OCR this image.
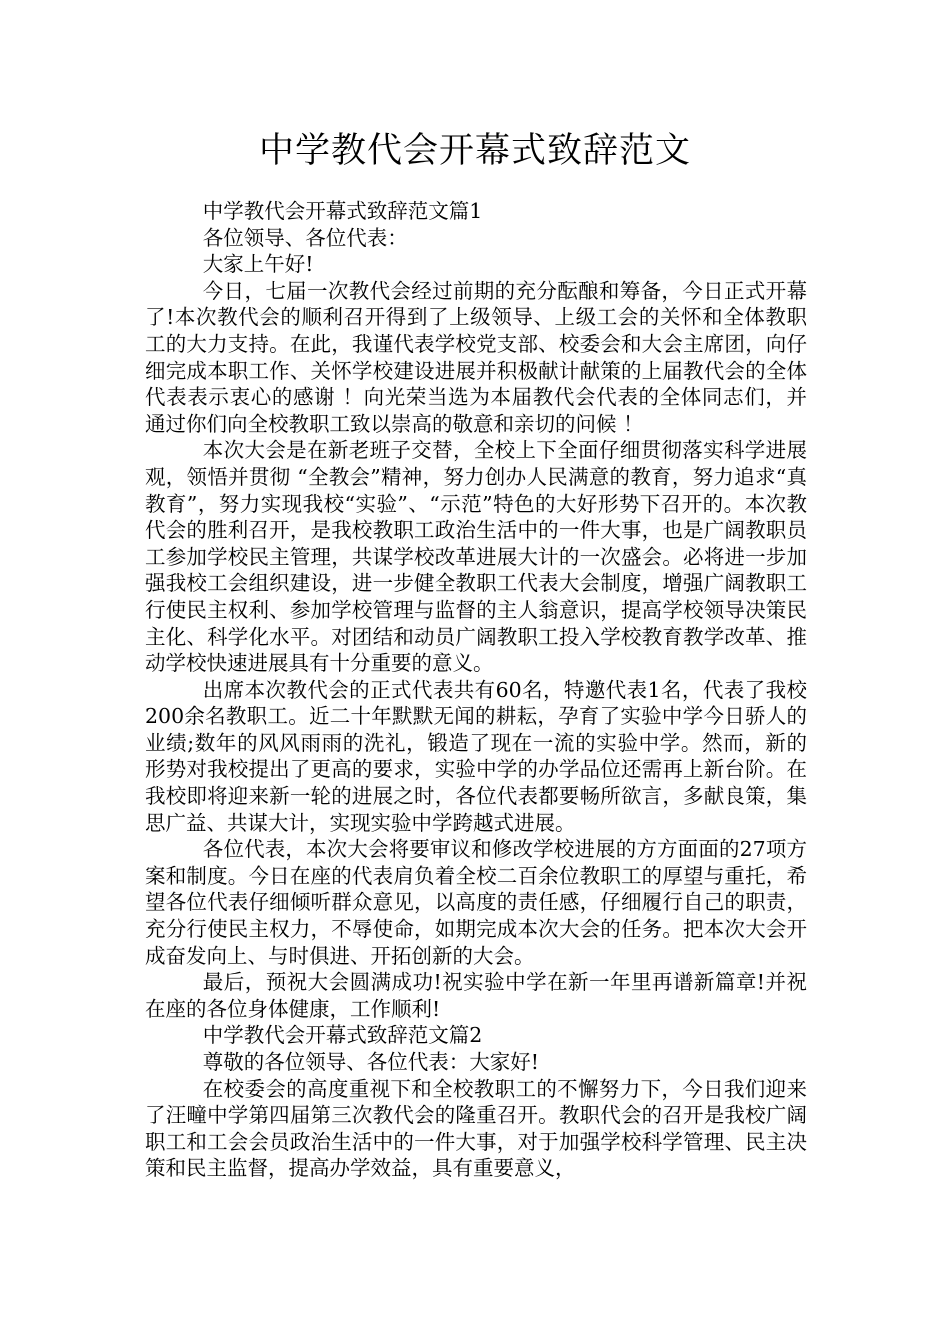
中学教代会开幕式致辞范文

中学教代会开幕式致辞范文篇1

各位领导、各位代表：

大家上午好!

今日，七届一次教代会经过前期的充分酝酿和筹备，今日正式开幕了!本次教代会的顺利召开得到了上级领导、上级工会的关怀和全体教职工的大力支持。在此，我谨代表学校党支部、校委会和大会主席团，向仔细完成本职工作、关怀学校建设进展并积极献计献策的上届教代会的全体代表表示衷心的感谢 ！向光荣当选为本届教代会代表的全体同志们，并通过你们向全校教职工致以崇高的敬意和亲切的问候 ！

本次大会是在新老班子交替，全校上下全面仔细贯彻落实科学进展观，领悟并贯彻 “全教会”精神，努力创办人民满意的教育，努力追求“真教育”，努力实现我校“实验”、“示范”特色的大好形势下召开的。本次教代会的胜利召开，是我校教职工政治生活中的一件大事，也是广阔教职员工参加学校民主管理，共谋学校改革进展大计的一次盛会。必将进一步加强我校工会组织建设，进一步健全教职工代表大会制度，增强广阔教职工行使民主权利、参加学校管理与监督的主人翁意识，提高学校领导决策民主化、科学化水平。对团结和动员广阔教职工投入学校教育教学改革、推动学校快速进展具有十分重要的意义。

出席本次教代会的正式代表共有60名，特邀代表1名，代表了我校200余名教职工。近二十年默默无闻的耕耘，孕育了实验中学今日骄人的业绩;数年的风风雨雨的洗礼，锻造了现在一流的实验中学。然而，新的形势对我校提出了更高的要求，实验中学的办学品位还需再上新台阶。在我校即将迎来新一轮的进展之时，各位代表都要畅所欲言，多献良策，集思广益、共谋大计，实现实验中学跨越式进展。

各位代表，本次大会将要审议和修改学校进展的方方面面的27项方案和制度。今日在座的代表肩负着全校二百余位教职工的厚望与重托，希望各位代表仔细倾听群众意见，以高度的责任感，仔细履行自己的职责，充分行使民主权力，不辱使命，如期完成本次大会的任务。把本次大会开成奋发向上、与时俱进、开拓创新的大会。

最后，预祝大会圆满成功!祝实验中学在新一年里再谱新篇章!并祝在座的各位身体健康，工作顺利!

中学教代会开幕式致辞范文篇2

尊敬的各位领导、各位代表：大家好!

在校委会的高度重视下和全校教职工的不懈努力下，今日我们迎来了汪疃中学第四届第三次教代会的隆重召开。教职代会的召开是我校广阔职工和工会会员政治生活中的一件大事，对于加强学校科学管理、民主决策和民主监督，提高办学效益，具有重要意义，
